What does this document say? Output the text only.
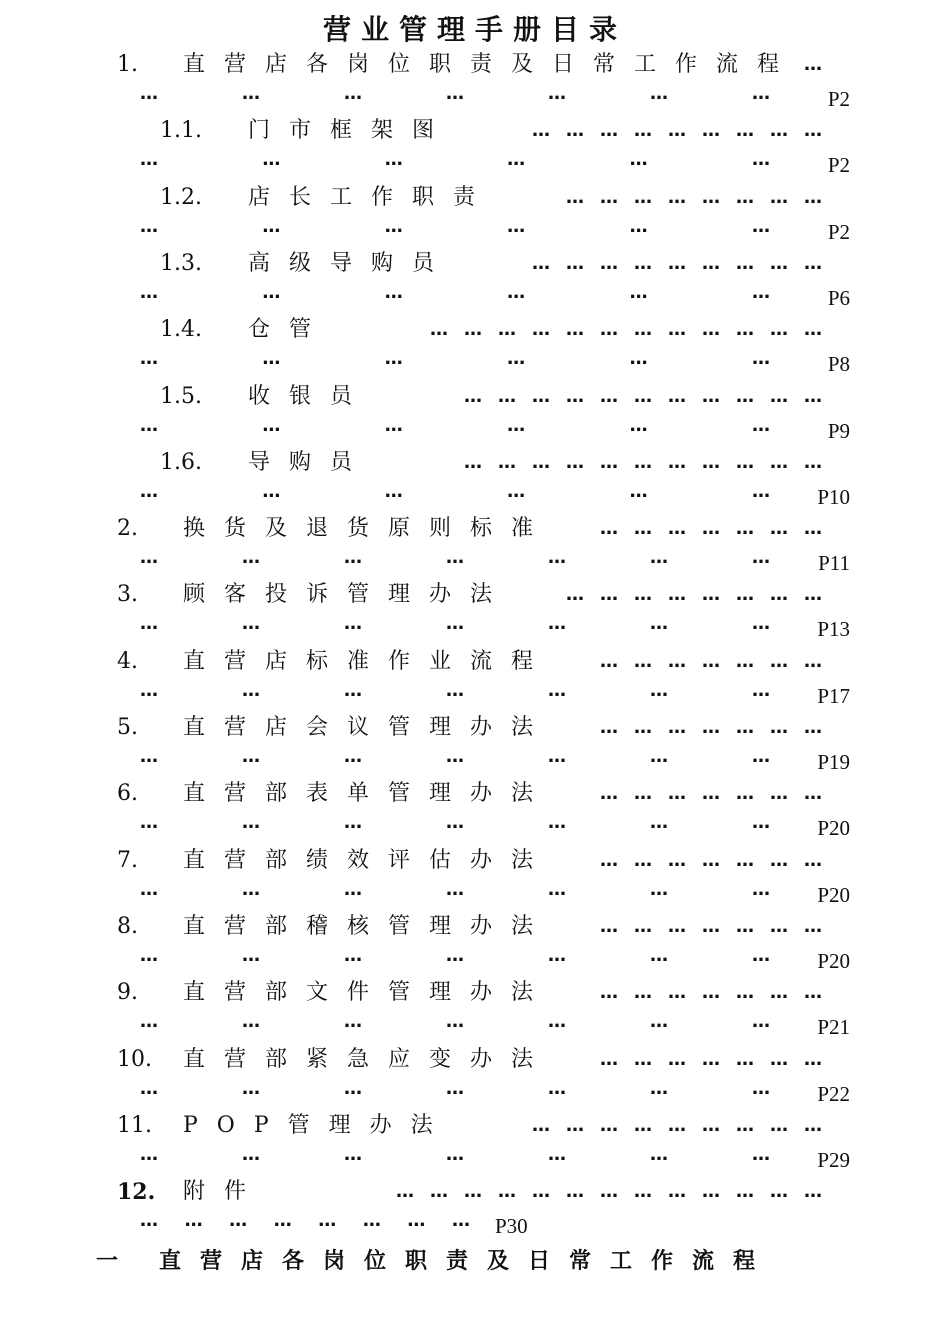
营业管理手册目录
1. 直营店各岗位职责及日常工作流程 …
…	…	…	…	…	…	…	P2
1.1. 门市框架图	………………………
…	…	…	…	…	…	P2
1.2. 店长工作职责	……………………
…	…	…	…	…	…	P2
1.3. 高级导购员	………………………
…	…	…	…	…	…	P6
1.4. 仓管	………………………………
…	…	…	…	…	…	P8
1.5. 收银员	……………………………
…	…	…	…	…	…	P9
1.6. 导购员	……………………………
…	…	…	…	…	… P10
2. 换货及退货原则标准	…………………
…	…	…	…	…	…	… P11
3. 顾客投诉管理办法	……………………
…	…	…	…	…	…	… P13
4. 直营店标准作业流程	…………………
…	…	…	…	…	…	… P17
5. 直营店会议管理办法	…………………
…	…	…	…	…	…	… P19
6. 直营部表单管理办法	…………………
…	…	…	…	…	…	… P20
7. 直营部绩效评估办法	…………………
…	…	…	…	…	…	… P20
8. 直营部稽核管理办法	…………………
…	…	…	…	…	…	… P20
9. 直营部文件管理办法	…………………
…	…	…	…	…	…	… P21
10. 直营部紧急应变办法	…………………
…	…	…	…	…	…	… P22
11. POP管理办法	………………………
…	…	…	…	…	…	… P29
12. 附件	…………………………………
… … … … … … … … P30
一 直营店各岗位职责及日常工作流程
